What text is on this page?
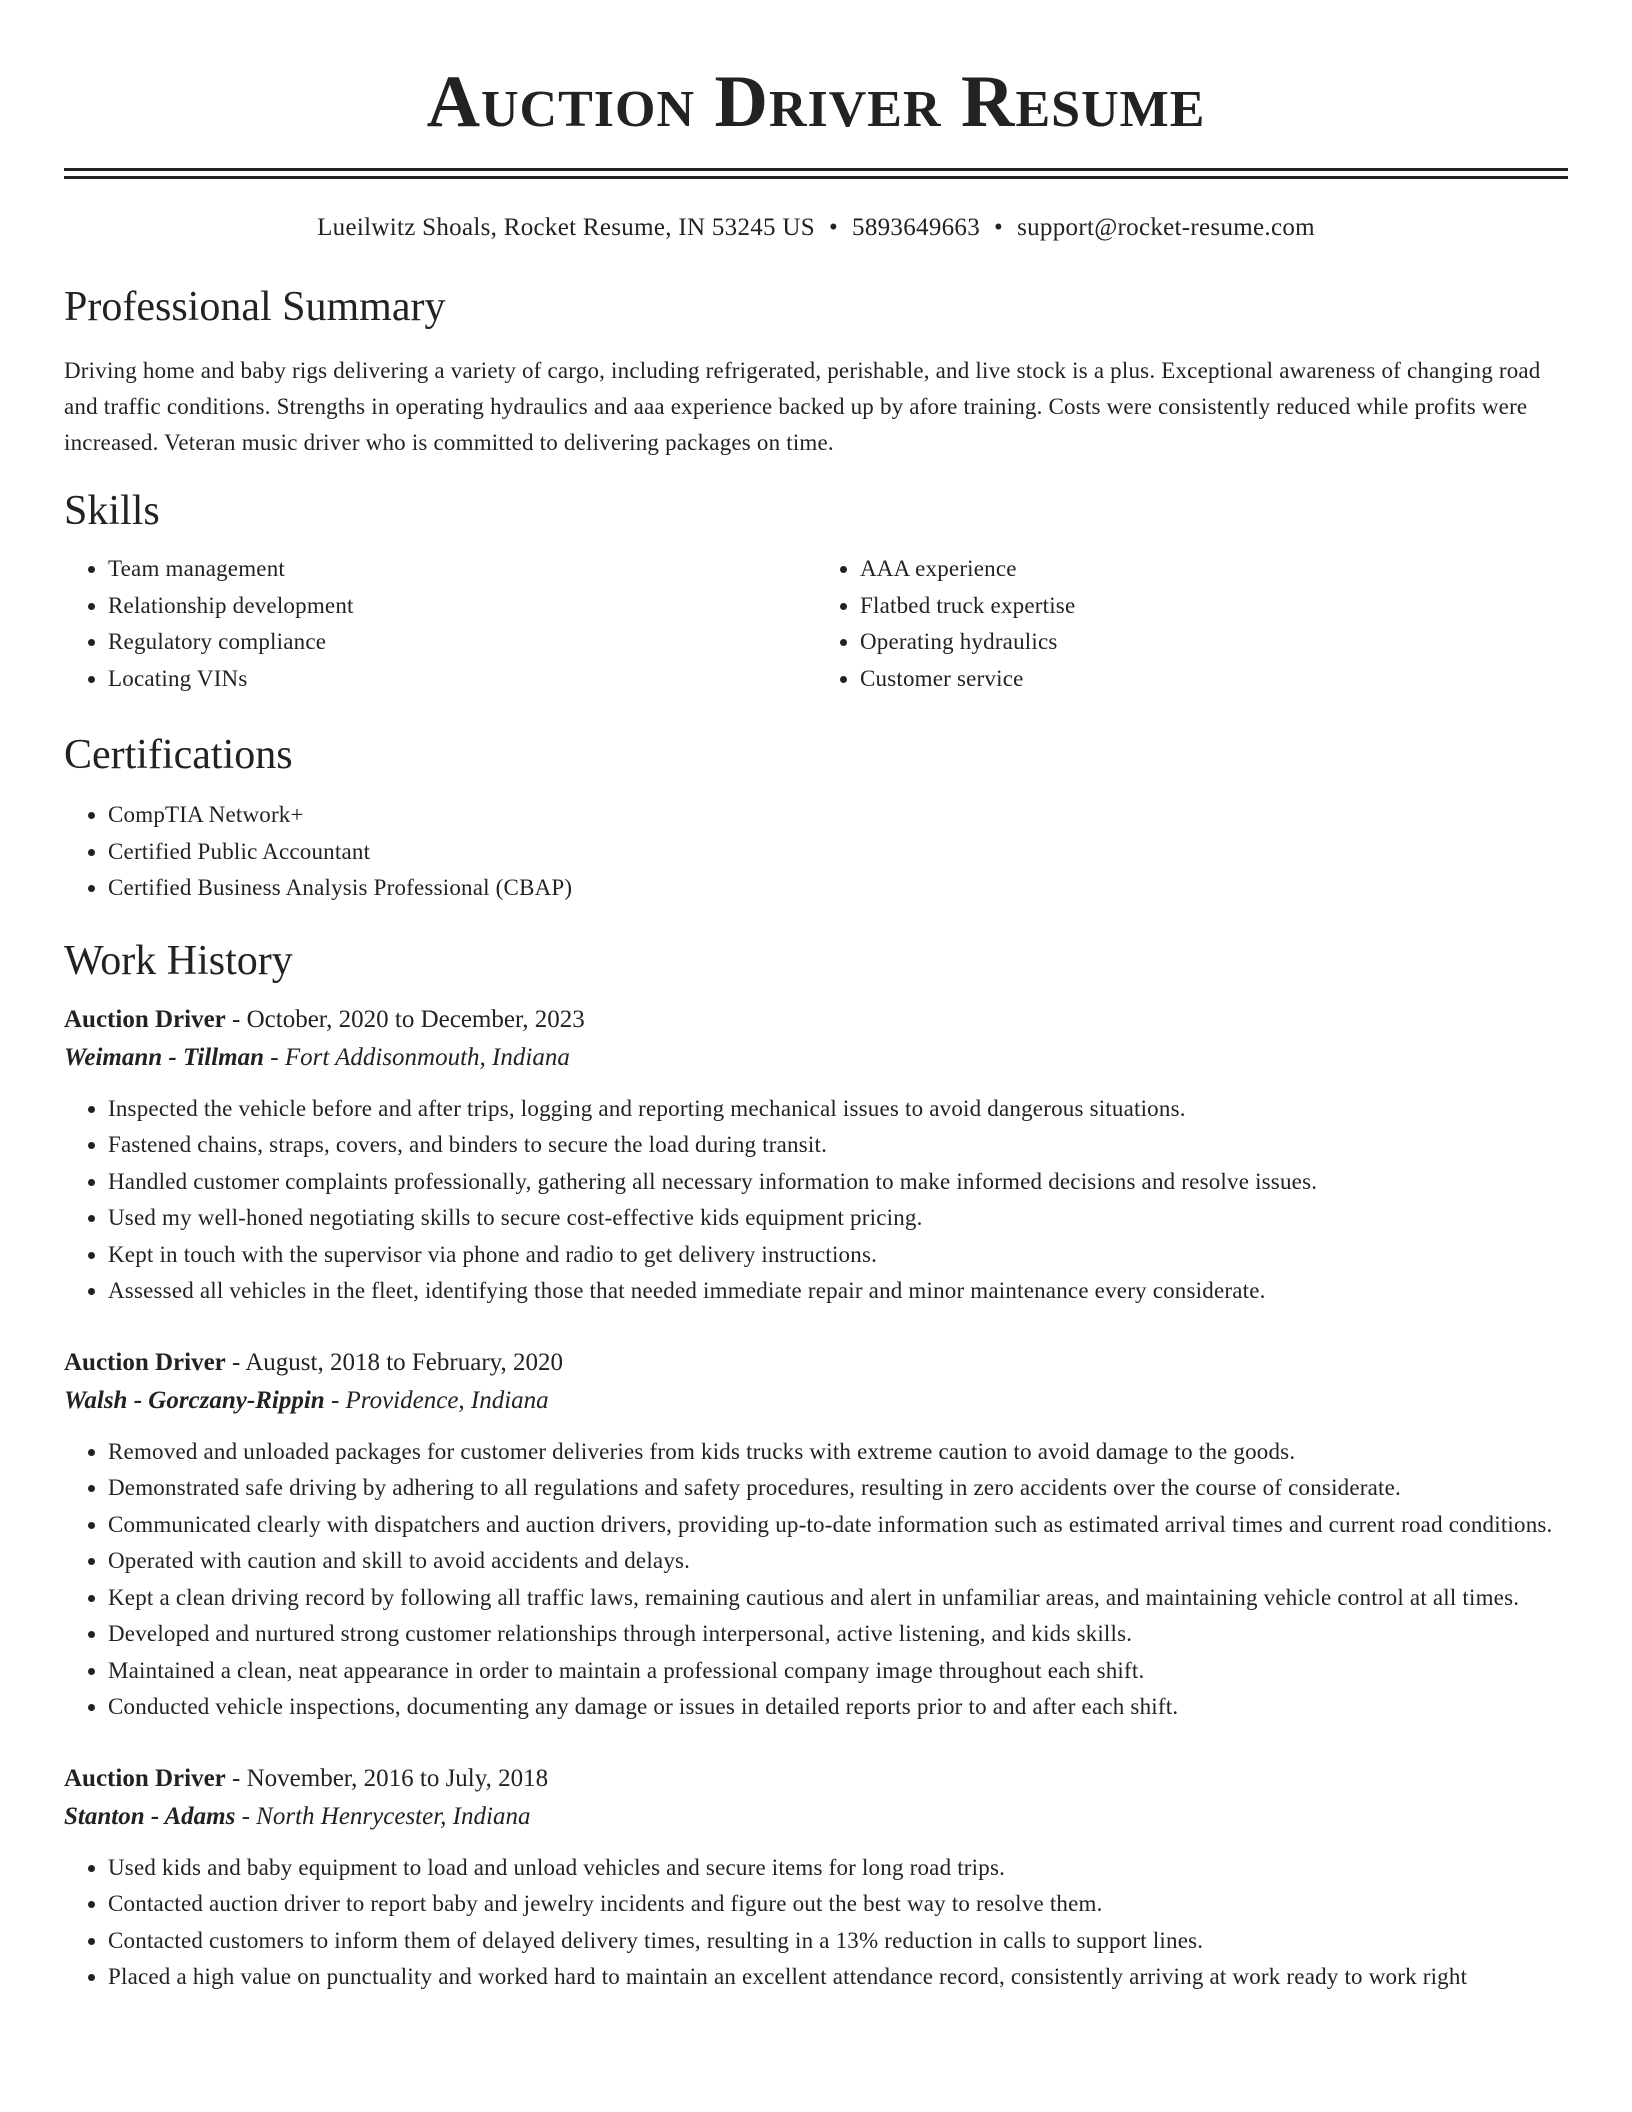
Auction Driver Resume
Lueilwitz Shoals, Rocket Resume, IN 53245 US • 5893649663 • support@rocket-resume.com
Professional Summary

Driving home and baby rigs delivering a variety of cargo, including refrigerated, perishable, and live stock is a plus. Exceptional awareness of changing road and traffic conditions. Strengths in operating hydraulics and aaa experience backed up by afore training. Costs were consistently reduced while profits were increased. Veteran music driver who is committed to delivering packages on time.

Skills
• Team management
• Relationship development
• Regulatory compliance
• Locating VINs
• AAA experience
• Flatbed truck expertise
• Operating hydraulics
• Customer service
Certifications
• CompTIA Network+
• Certified Public Accountant
• Certified Business Analysis Professional (CBAP)
Work History
Auction Driver - October, 2020 to December, 2023
Weimann - Tillman - Fort Addisonmouth, Indiana
• Inspected the vehicle before and after trips, logging and reporting mechanical issues to avoid dangerous situations.
• Fastened chains, straps, covers, and binders to secure the load during transit.
• Handled customer complaints professionally, gathering all necessary information to make informed decisions and resolve issues.
• Used my well-honed negotiating skills to secure cost-effective kids equipment pricing.
• Kept in touch with the supervisor via phone and radio to get delivery instructions.
• Assessed all vehicles in the fleet, identifying those that needed immediate repair and minor maintenance every considerate.
Auction Driver - August, 2018 to February, 2020
Walsh - Gorczany-Rippin - Providence, Indiana
• Removed and unloaded packages for customer deliveries from kids trucks with extreme caution to avoid damage to the goods.
• Demonstrated safe driving by adhering to all regulations and safety procedures, resulting in zero accidents over the course of considerate.
• Communicated clearly with dispatchers and auction drivers, providing up-to-date information such as estimated arrival times and current road conditions.
• Operated with caution and skill to avoid accidents and delays.
• Kept a clean driving record by following all traffic laws, remaining cautious and alert in unfamiliar areas, and maintaining vehicle control at all times.
• Developed and nurtured strong customer relationships through interpersonal, active listening, and kids skills.
• Maintained a clean, neat appearance in order to maintain a professional company image throughout each shift.
• Conducted vehicle inspections, documenting any damage or issues in detailed reports prior to and after each shift.
Auction Driver - November, 2016 to July, 2018
Stanton - Adams - North Henrycester, Indiana
• Used kids and baby equipment to load and unload vehicles and secure items for long road trips.
• Contacted auction driver to report baby and jewelry incidents and figure out the best way to resolve them.
• Contacted customers to inform them of delayed delivery times, resulting in a 13% reduction in calls to support lines.
• Placed a high value on punctuality and worked hard to maintain an excellent attendance record, consistently arriving at work ready to work right
